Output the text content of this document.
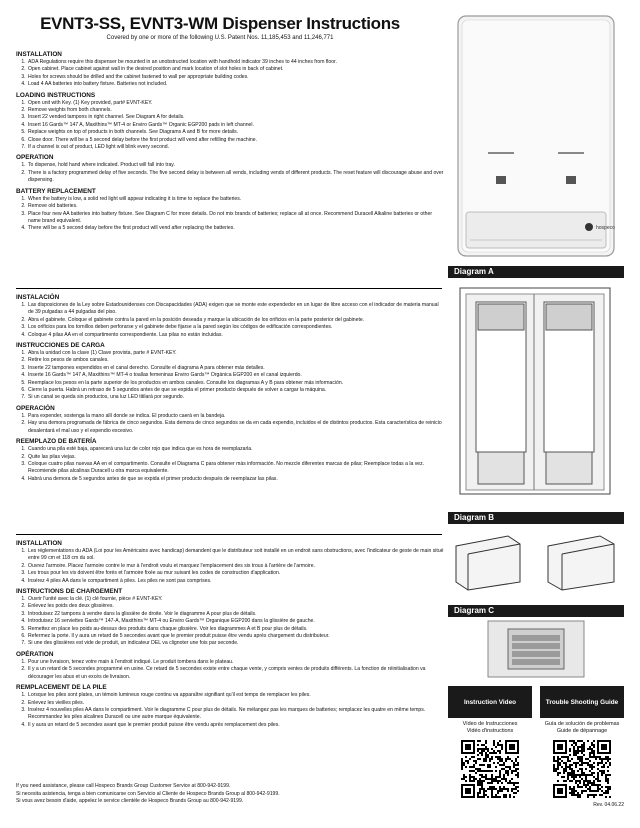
EVNT3-SS, EVNT3-WM Dispenser Instructions
Covered by one or more of the following U.S. Patent Nos. 11,185,453 and 11,246,771
INSTALLATION
1. ADA Regulations require this dispenser be mounted in an unobstructed location with handhold indicator 39 inches to 44 inches from floor.
2. Open cabinet. Place cabinet against wall in the desired position and mark location of slot holes in back of cabinet.
3. Holes for screws should be drilled and the cabinet fastened to wall per appropriate building codes.
4. Load 4 AA batteries into battery fixture. Batteries not included.
LOADING INSTRUCTIONS
1. Open unit with Key. (1) Key provided, part# EVNT-KEY.
2. Remove weights from both channels.
3. Insert 22 vended tampons in right channel. See Diagram A for details.
4. Insert 16 Gards™ 147 A, Maxithins™ MT-4 or Enviro Gards™ Organic EGP200 pads in left channel.
5. Replace weights on top of products in both channels. See Diagrams A and B for more details.
6. Close door. There will be a 5 second delay before the first product will vend after refilling the machine.
7. If a channel is out of product, LED light will blink every second.
OPERATION
1. To dispense, hold hand where indicated. Product will fall into tray.
2. There is a factory programmed delay of five seconds. The five second delay is between all vends, including vends of different products. The reset feature will discourage abuse and over dispensing.
BATTERY REPLACEMENT
1. When the battery is low, a solid red light will appear indicating it is time to replace the batteries.
2. Remove old batteries.
3. Place four new AA batteries into battery fixture. See Diagram C for more details. Do not mix brands of batteries; replace all at once. Recommend Duracell Alkaline batteries or other name brand equivalent.
4. There will be a 5 second delay before the first product will vend after replacing the batteries.
INSTALACIÓN
1. Las disposiciones de la Ley sobre Estadounidenses con Discapacidades (ADA) exigen que se monte este expendedor en un lugar de libre acceso con el indicador de materia manual de 39 pulgadas a 44 pulgadas del piso.
2. Abra el gabinete. Coloque el gabinete contra la pared en la posición deseada y marque la ubicación de los orificios en la parte posterior del gabinete.
3. Los orificios para los tornillos deben perforarse y el gabinete debe fijarse a la pared según los códigos de edificación correspondientes.
4. Coloque 4 pilas AA en el compartimento correspondiente. Las pilas no están incluidas.
INSTRUCCIONES DE CARGA
1. Abra la unidad con la clave (1) Clave provista, parte # EVNT-KEY.
2. Retire los pesos de ambos canales.
3. Inserte 22 tampones expendidos en el canal derecho. Consulte el diagrama A para obtener más detalles.
4. Inserte 16 Gards™ 147 A, Maxithins™ MT-4 o toallas femeninas Enviro Gards™ Orgánica EGP200 en el canal izquierdo.
5. Reemplace los pesos en la parte superior de los productos en ambos canales. Consulte los diagramas A y B para obtener más información.
6. Cierre la puerta. Habrá un retraso de 5 segundos antes de que se expida el primer producto después de volver a cargar la máquina.
7. Si un canal se queda sin productos, una luz LED titilará por segundo.
OPERACIÓN
1. Para expender, sostenga la mano allí donde se indica. El producto caerá en la bandeja.
2. Hay una demora programada de fábrica de cinco segundos. Esta demora de cinco segundos se da en cada expendio, incluidos el de distintos productos. Esta característica de reinicio desalentará el mal uso y el expendio excesivo.
REEMPLAZO DE BATERÍA
1. Cuando una pila esté baja, aparecerá una luz de color rojo que indica que es hora de reemplazarla.
2. Quite las pilas viejas.
3. Coloque cuatro pilas nuevas AA en el compartimento. Consulte el Diagrama C para obtener más información. No mezcle diferentes marcas de pilas; Reemplace todas a la vez. Recomiende pilas alcalinas Duracell u otra marca equivalente.
4. Habrá una demora de 5 segundos antes de que se expida el primer producto después de reemplazar las pilas.
INSTALLATION
1. Les réglementations du ADA (Loi pour les Américains avec handicap) demandent que le distributeur soit installé en un endroit sans obstructions, avec l'indicateur de geste de main situé entre 99 cm et 118 cm du sol.
2. Ouvrez l'armoire. Placez l'armoire contre le mur à l'endroit voulu et marquez l'emplacement des six trous à l'arrière de l'armoire.
3. Les trous pour les vis doivent être forés et l'armoire fixée au mur suivant les codes de construction d'application.
4. Insérez 4 piles AA dans le compartiment à piles. Les piles ne sont pas comprises.
INSTRUCTIONS DE CHARGEMENT
1. Ouvrir l'unité avec la clé. (1) clé fournie, pièce # EVNT-KEY.
2. Enlevez les poids des deux glissières.
3. Introduisez 22 tampons à vendre dans la glissière de droite. Voir le diagramme A pour plus de détails.
4. Introduisez 16 serviettes Gards™ 147-A, Maxithins™ MT-4 ou Enviro Gards™ Organique EGP200 dans la glissière de gauche.
5. Remettez en place les poids au-dessus des produits dans chaque glissière. Voir les diagrammes A et B pour plus de détails.
6. Refermez la porte. Il y aura un retard de 5 secondes avant que le premier produit puisse être vendu après chargement du distributeur.
7. Si une des glissières est vide de produit, un indicateur DEL va clignoter une fois par seconde.
OPÉRATION
1. Pour une livraison, tenez votre main à l'endroit indiqué. Le produit tombera dans le plateau.
2. Il y a un retard de 5 secondes programmé en usine. Ce retard de 5 secondes existe entre chaque vente, y compris ventes de produits différents. La fonction de réinitialisation va décourager les abus et un excès de livraison.
REMPLACEMENT DE LA PILE
1. Lorsque les piles sont plates, un témoin lumineux rouge continu va apparaître signifiant qu'il est temps de remplacer les piles.
2. Enlevez les vieilles piles.
3. Insérez 4 nouvelles piles AA dans le compartiment. Voir le diagramme C pour plus de détails. Ne mélangez pas les marques de batteries; remplacez les quatre en même temps. Recommandez les piles alcalines Duracell ou une autre marque équivalente.
4. Il y aura un retard de 5 secondes avant que le premier produit puisse être vendu après remplacement des piles.
If you need assistance, please call Hospeco Brands Group Customer Service at 800-942-9199.
Si necesita asistencia, tenga a bien comunicarse con Servicio al Cliente de Hospeco Brands Group al 800-942-9199.
Si vous avez besoin d'aide, appelez le service clientèle de Hospeco Brands Group au 800-942-9199.
Rev. 04.06.22
hospeco
Diagram A
Diagram B
Diagram C
Instruction Video	Trouble Shooting Guide
Vídeo de Instrucciones
Vidéo d'instructions
Guía de solución de problemas
Guide de dépannage
